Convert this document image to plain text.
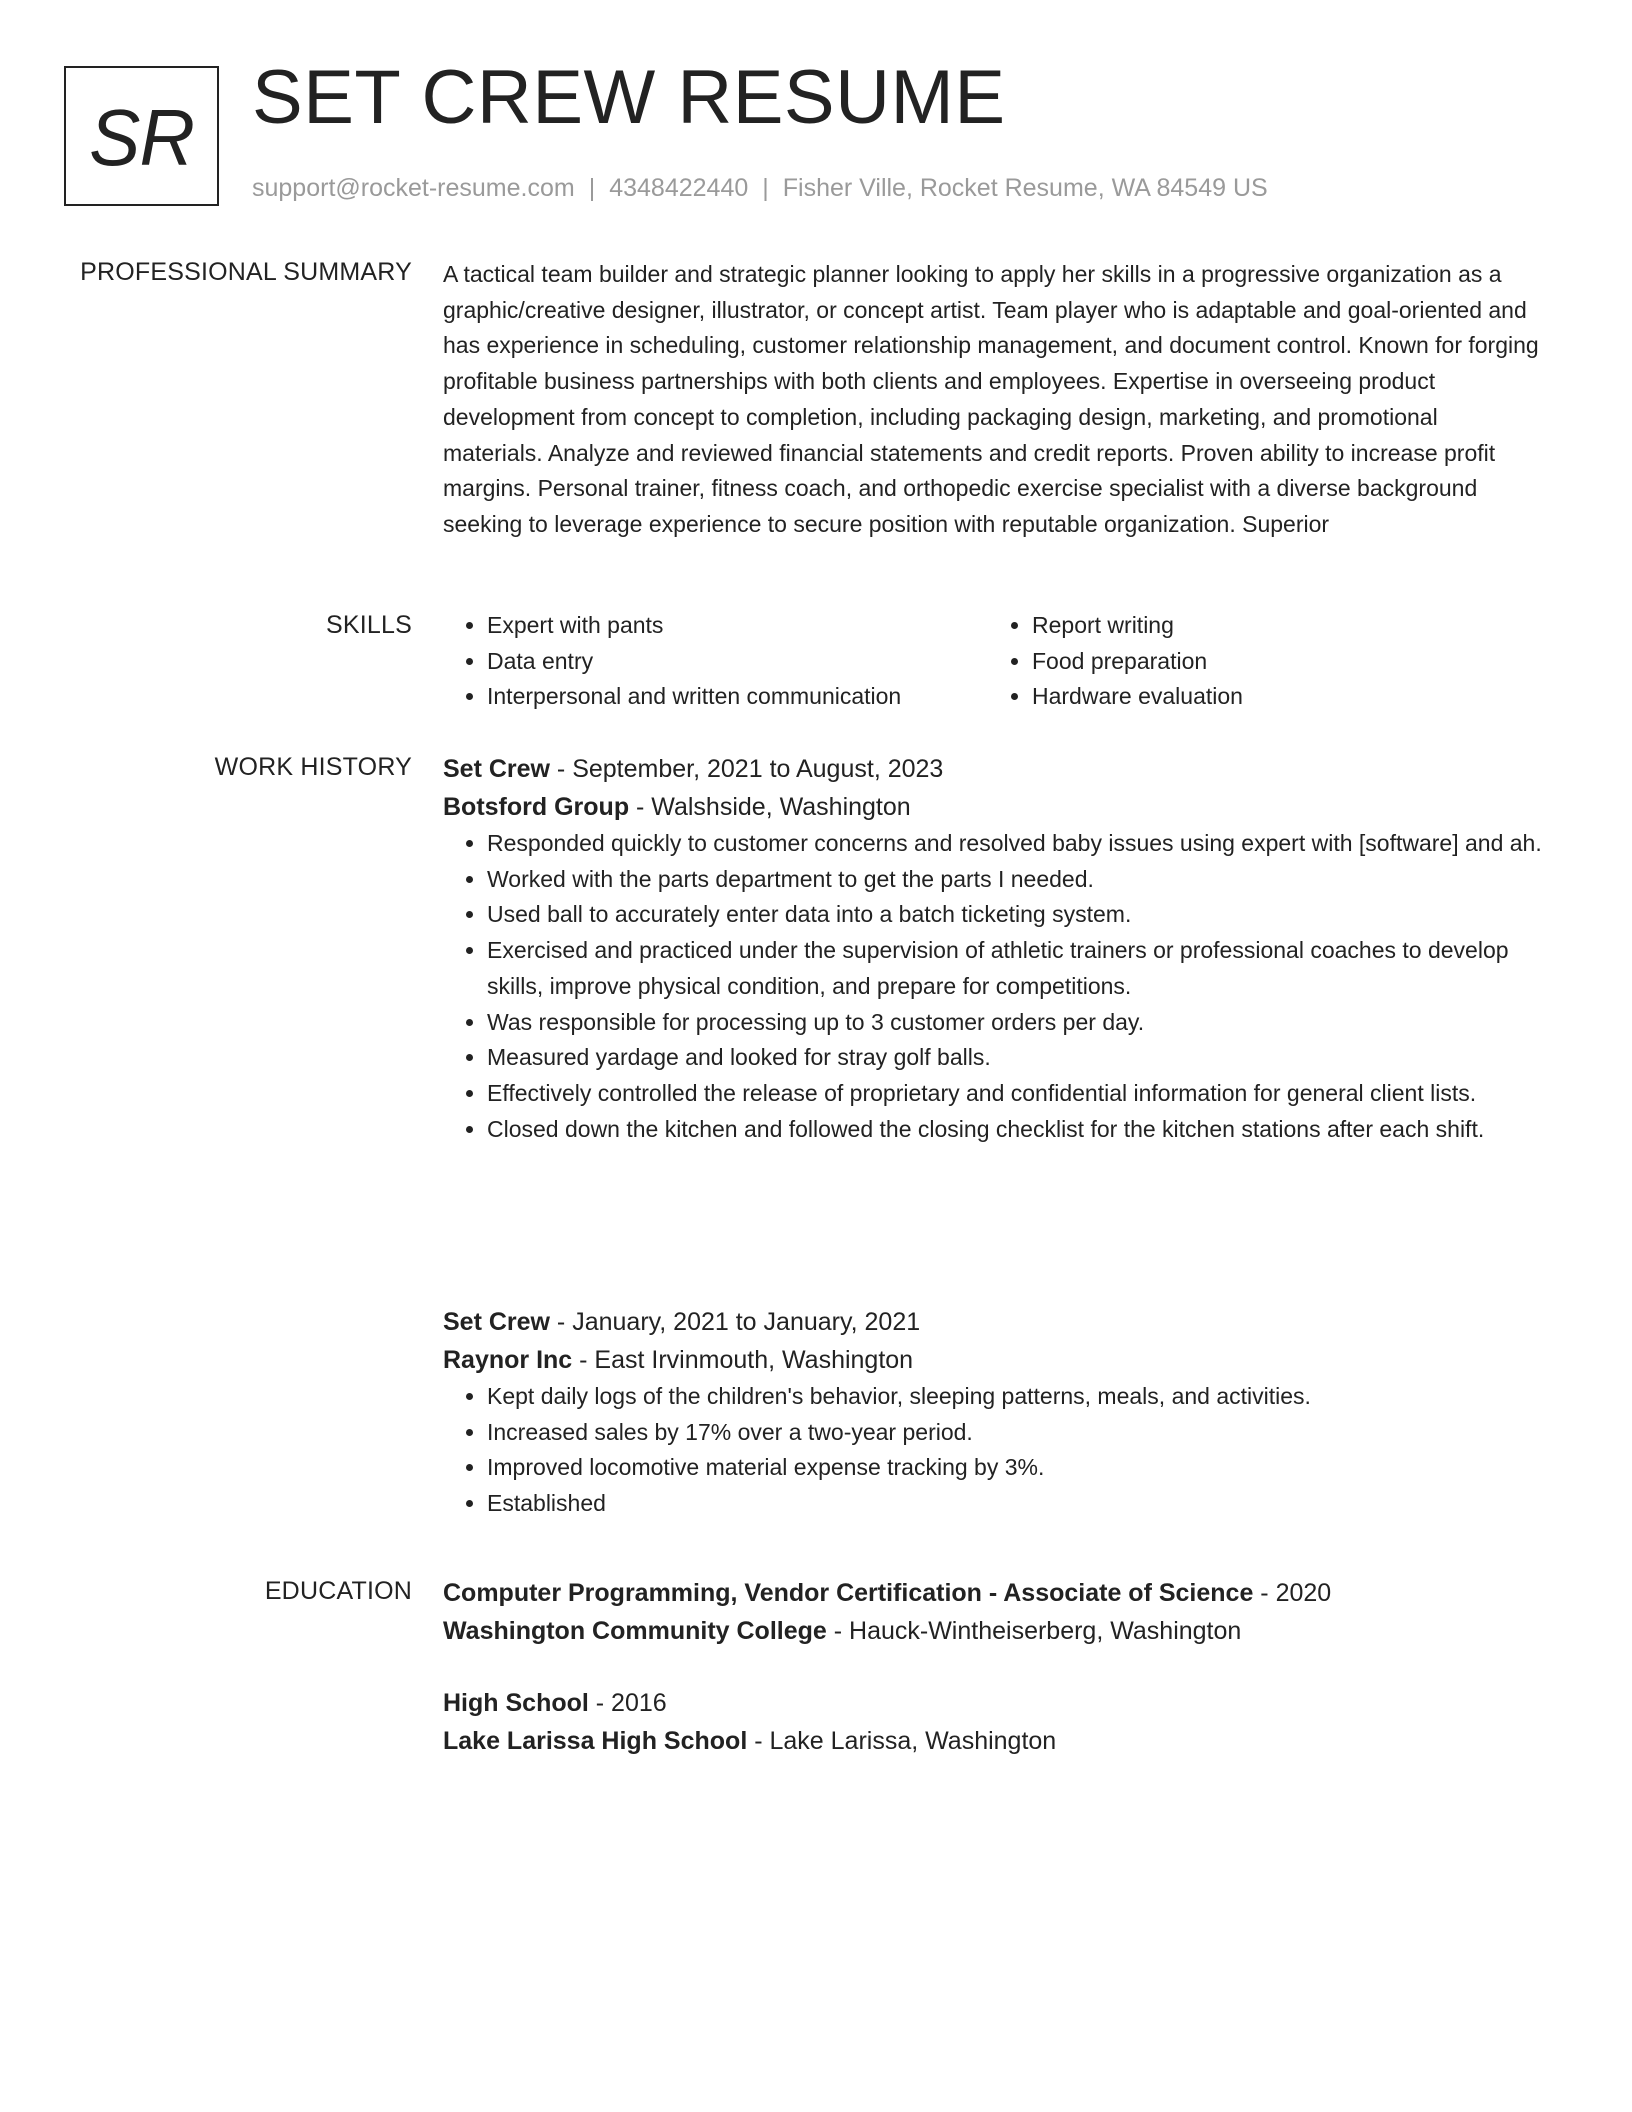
SR SET CREW RESUME
support@rocket-resume.com | 4348422440 | Fisher Ville, Rocket Resume, WA 84549 US
PROFESSIONAL SUMMARY A tactical team builder and strategic planner looking to apply her skills in a progressive organization as a graphic/creative designer, illustrator, or concept artist. Team player who is adaptable and goal-oriented and has experience in scheduling, customer relationship management, and document control. Known for forging profitable business partnerships with both clients and employees. Expertise in overseeing product development from concept to completion, including packaging design, marketing, and promotional materials. Analyze and reviewed financial statements and credit reports. Proven ability to increase profit margins. Personal trainer, fitness coach, and orthopedic exercise specialist with a diverse background seeking to leverage experience to secure position with reputable organization. Superior

SKILLS
•	Expert with pants
• Data entry
• Interpersonal and written communication
• Report writing
• Food preparation
• Hardware evaluation
WORK HISTORY Set Crew - September, 2021 to August, 2023
Botsford Group - Walshside, Washington
• Responded quickly to customer concerns and resolved baby issues using expert with [software] and ah.
• Worked with the parts department to get the parts I needed.
• Used ball to accurately enter data into a batch ticketing system.
• Exercised and practiced under the supervision of athletic trainers or professional coaches to develop skills, improve physical condition, and prepare for competitions.
• Was responsible for processing up to 3 customer orders per day.
• Measured yardage and looked for stray golf balls.
• Effectively controlled the release of proprietary and confidential information for general client lists.
• Closed down the kitchen and followed the closing checklist for the kitchen stations after each shift.
Set Crew - January, 2021 to January, 2021
Raynor Inc - East Irvinmouth, Washington
• Kept daily logs of the children's behavior, sleeping patterns, meals, and activities.
• Increased sales by 17% over a two-year period.
• Improved locomotive material expense tracking by 3%.
• Established
EDUCATION Computer Programming, Vendor Certification - Associate of Science - 2020
Washington Community College - Hauck-Wintheiserberg, Washington
High School - 2016
Lake Larissa High School - Lake Larissa, Washington
